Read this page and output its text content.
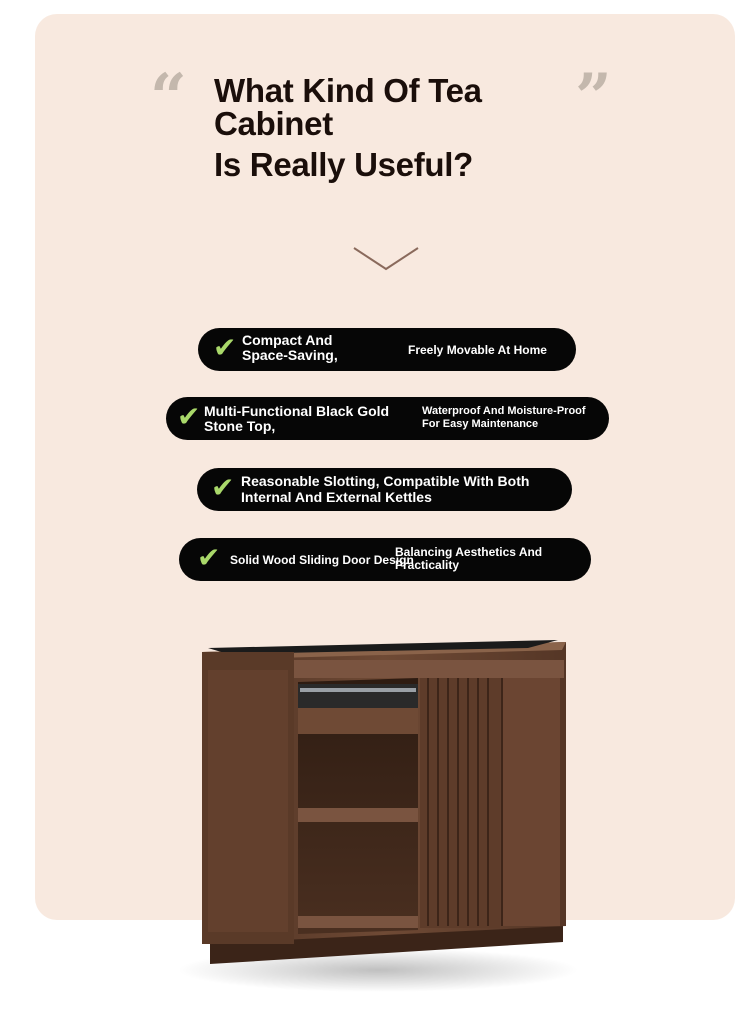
“	”
What Kind Of Tea
Cabinet
Is Really Useful?
✔ Compact And
Space-Saving,	Freely Movable At Home
✔ Multi-Functional Black Gold
Stone Top,
Waterproof And Moisture-Proof
For Easy Maintenance
✔ Reasonable Slotting, Compatible With Both
Internal And External Kettles
✔ Solid Wood Sliding Door Design
Balancing Aesthetics And
Practicality
